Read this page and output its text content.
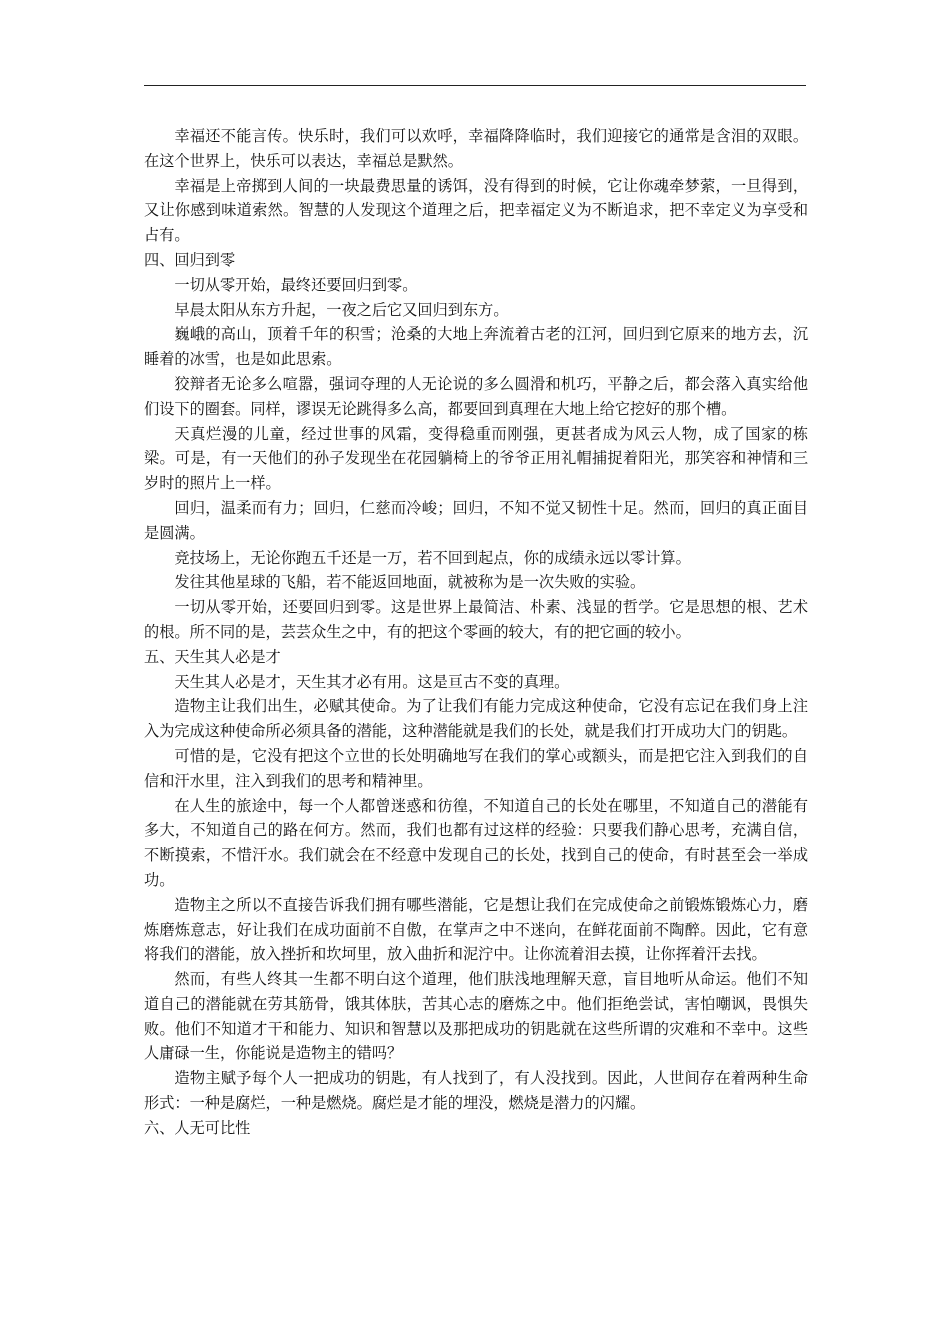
幸福还不能言传。快乐时，我们可以欢呼，幸福降降临时，我们迎接它的通常是含泪的双眼。在这个世界上，快乐可以表达，幸福总是默然。

幸福是上帝掷到人间的一块最费思量的诱饵，没有得到的时候，它让你魂牵梦萦，一旦得到，又让你感到味道索然。智慧的人发现这个道理之后，把幸福定义为不断追求，把不幸定义为享受和占有。

四、回归到零

一切从零开始，最终还要回归到零。

早晨太阳从东方升起，一夜之后它又回归到东方。

巍峨的高山，顶着千年的积雪；沧桑的大地上奔流着古老的江河，回归到它原来的地方去，沉睡着的冰雪，也是如此思索。

狡辩者无论多么喧嚣，强词夺理的人无论说的多么圆滑和机巧，平静之后，都会落入真实给他们设下的圈套。同样，谬误无论跳得多么高，都要回到真理在大地上给它挖好的那个槽。

天真烂漫的儿童，经过世事的风霜，变得稳重而刚强，更甚者成为风云人物，成了国家的栋梁。可是，有一天他们的孙子发现坐在花园躺椅上的爷爷正用礼帽捕捉着阳光，那笑容和神情和三岁时的照片上一样。

回归，温柔而有力；回归，仁慈而冷峻；回归，不知不觉又韧性十足。然而，回归的真正面目是圆满。

竞技场上，无论你跑五千还是一万，若不回到起点，你的成绩永远以零计算。

发往其他星球的飞船，若不能返回地面，就被称为是一次失败的实验。

一切从零开始，还要回归到零。这是世界上最简洁、朴素、浅显的哲学。它是思想的根、艺术的根。所不同的是，芸芸众生之中，有的把这个零画的较大，有的把它画的较小。

五、天生其人必是才

天生其人必是才，天生其才必有用。这是亘古不变的真理。

造物主让我们出生，必赋其使命。为了让我们有能力完成这种使命，它没有忘记在我们身上注入为完成这种使命所必须具备的潜能，这种潜能就是我们的长处，就是我们打开成功大门的钥匙。

可惜的是，它没有把这个立世的长处明确地写在我们的掌心或额头，而是把它注入到我们的自信和汗水里，注入到我们的思考和精神里。

在人生的旅途中，每一个人都曾迷惑和彷徨，不知道自己的长处在哪里，不知道自己的潜能有多大，不知道自己的路在何方。然而，我们也都有过这样的经验：只要我们静心思考，充满自信，不断摸索，不惜汗水。我们就会在不经意中发现自己的长处，找到自己的使命，有时甚至会一举成功。

造物主之所以不直接告诉我们拥有哪些潜能，它是想让我们在完成使命之前锻炼锻炼心力，磨炼磨炼意志，好让我们在成功面前不自傲，在掌声之中不迷向，在鲜花面前不陶醉。因此，它有意将我们的潜能，放入挫折和坎坷里，放入曲折和泥泞中。让你流着泪去摸，让你挥着汗去找。

然而，有些人终其一生都不明白这个道理，他们肤浅地理解天意，盲目地听从命运。他们不知道自己的潜能就在劳其筋骨，饿其体肤，苦其心志的磨炼之中。他们拒绝尝试，害怕嘲讽，畏惧失败。他们不知道才干和能力、知识和智慧以及那把成功的钥匙就在这些所谓的灾难和不幸中。这些人庸碌一生，你能说是造物主的错吗？

造物主赋予每个人一把成功的钥匙，有人找到了，有人没找到。因此，人世间存在着两种生命形式：一种是腐烂，一种是燃烧。腐烂是才能的埋没，燃烧是潜力的闪耀。

六、人无可比性
